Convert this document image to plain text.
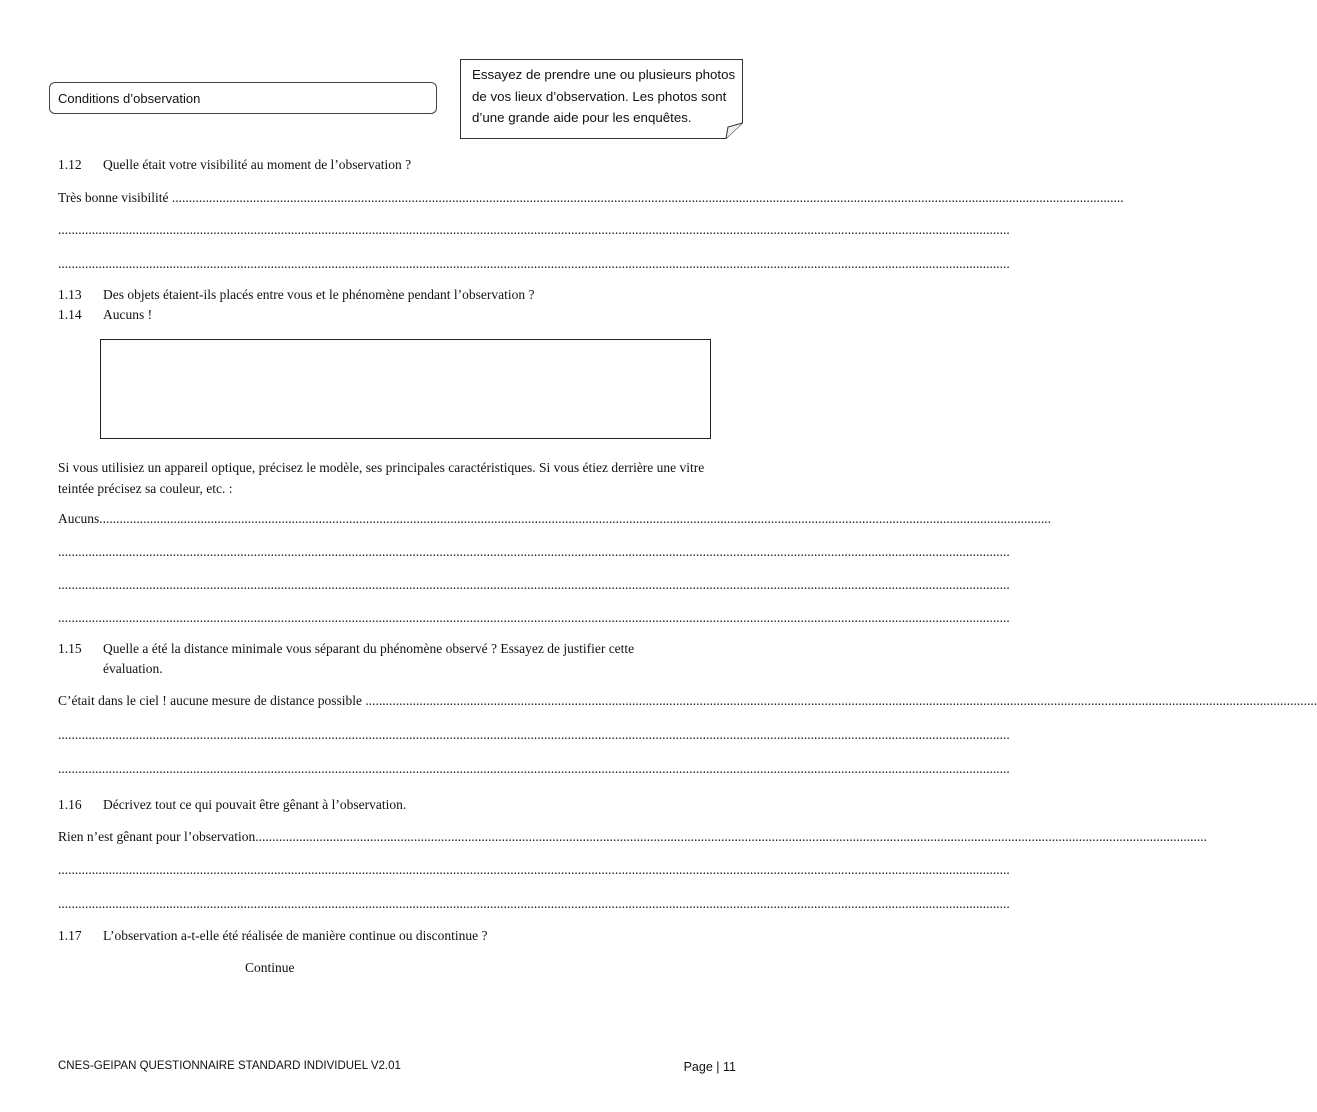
Conditions d’observation
Essayez de prendre une ou plusieurs photos de vos lieux d’observation. Les photos sont d’une grande aide pour les enquêtes.
1.12 Quelle était votre visibilité au moment de l’observation ?
Très bonne visibilité ..........................................................................................................................................................................................................................................................................................
..........................................................................................................................................................................................................................................................................................
..........................................................................................................................................................................................................................................................................................
1.13 Des objets étaient-ils placés entre vous et le phénomène pendant l’observation ?
1.14 Aucuns !
Si vous utilisiez un appareil optique, précisez le modèle, ses principales caractéristiques. Si vous étiez derrière une vitre teintée précisez sa couleur, etc. :
Aucuns ..........................................................................................................................................................................................................................................................................................
..........................................................................................................................................................................................................................................................................................
..........................................................................................................................................................................................................................................................................................
..........................................................................................................................................................................................................................................................................................
1.15 Quelle a été la distance minimale vous séparant du phénomène observé ? Essayez de justifier cette
évaluation.
C’était dans le ciel ! aucune mesure de distance possible ..........................................................................................................................................................................................................................................................................................
..........................................................................................................................................................................................................................................................................................
..........................................................................................................................................................................................................................................................................................
1.16 Décrivez tout ce qui pouvait être gênant à l’observation.
Rien n’est gênant pour l’observation ..........................................................................................................................................................................................................................................................................................
..........................................................................................................................................................................................................................................................................................
..........................................................................................................................................................................................................................................................................................
1.17 L’observation a-t-elle été réalisée de manière continue ou discontinue ?
Continue
CNES-GEIPAN QUESTIONNAIRE STANDARD INDIVIDUEL V2.01	Page | 11
